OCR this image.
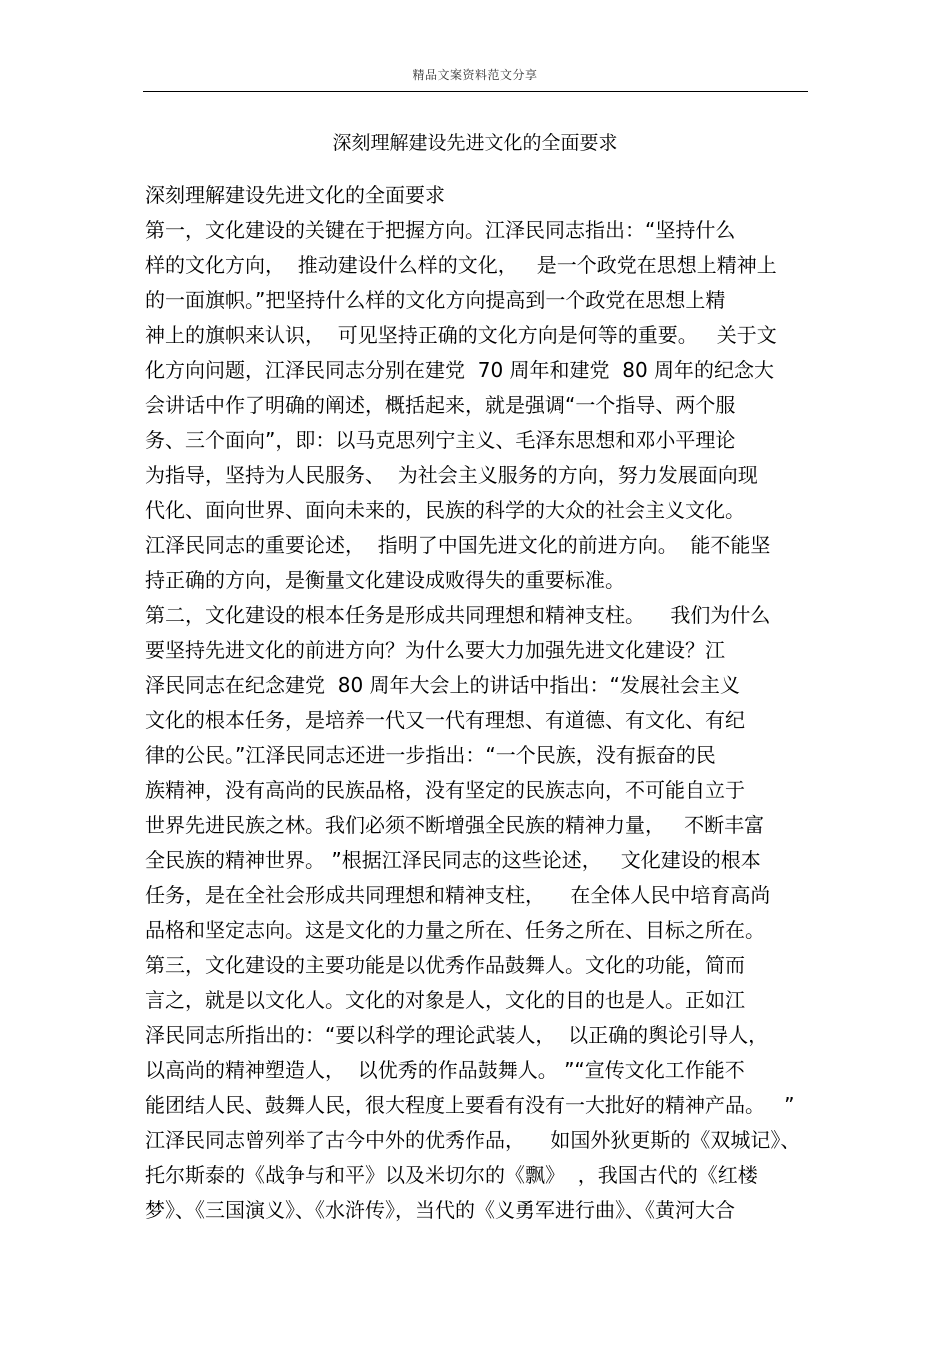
精品文案资料范文分享
深刻理解建设先进文化的全面要求
深刻理解建设先进文化的全面要求
第一，文化建设的关键在于把握方向。江泽民同志指出：“坚持什么
样的文化方向，  推动建设什么样的文化，   是一个政党在思想上精神上
的一面旗帜。”把坚持什么样的文化方向提高到一个政党在思想上精
神上的旗帜来认识，  可见坚持正确的文化方向是何等的重要。   关于文
化方向问题，江泽民同志分别在建党  70 周年和建党  80 周年的纪念大
会讲话中作了明确的阐述，概括起来，就是强调“一个指导、两个服
务、三个面向”，即：以马克思列宁主义、毛泽东思想和邓小平理论
为指导，坚持为人民服务、  为社会主义服务的方向，努力发展面向现
代化、面向世界、面向未来的，民族的科学的大众的社会主义文化。
江泽民同志的重要论述，  指明了中国先进文化的前进方向。  能不能坚
持正确的方向，是衡量文化建设成败得失的重要标准。
第二，文化建设的根本任务是形成共同理想和精神支柱。    我们为什么
要坚持先进文化的前进方向？为什么要大力加强先进文化建设？江
泽民同志在纪念建党  80 周年大会上的讲话中指出：“发展社会主义
文化的根本任务，是培养一代又一代有理想、有道德、有文化、有纪
律的公民。”江泽民同志还进一步指出：“一个民族，没有振奋的民
族精神，没有高尚的民族品格，没有坚定的民族志向，不可能自立于
世界先进民族之林。我们必须不断增强全民族的精神力量，   不断丰富
全民族的精神世界。 ”根据江泽民同志的这些论述，   文化建设的根本
任务，是在全社会形成共同理想和精神支柱，    在全体人民中培育高尚
品格和坚定志向。这是文化的力量之所在、任务之所在、目标之所在。
第三，文化建设的主要功能是以优秀作品鼓舞人。文化的功能，简而
言之，就是以文化人。文化的对象是人，文化的目的也是人。正如江
泽民同志所指出的：“要以科学的理论武装人，  以正确的舆论引导人，
以高尚的精神塑造人，  以优秀的作品鼓舞人。 ”“宣传文化工作能不
能团结人民、鼓舞人民，很大程度上要看有没有一大批好的精神产品。   ”
江泽民同志曾列举了古今中外的优秀作品，    如国外狄更斯的《双城记》、
托尔斯泰的《战争与和平》以及米切尔的《飘》  ，我国古代的《红楼
梦》、《三国演义》、《水浒传》，当代的《义勇军进行曲》、《黄河大合
